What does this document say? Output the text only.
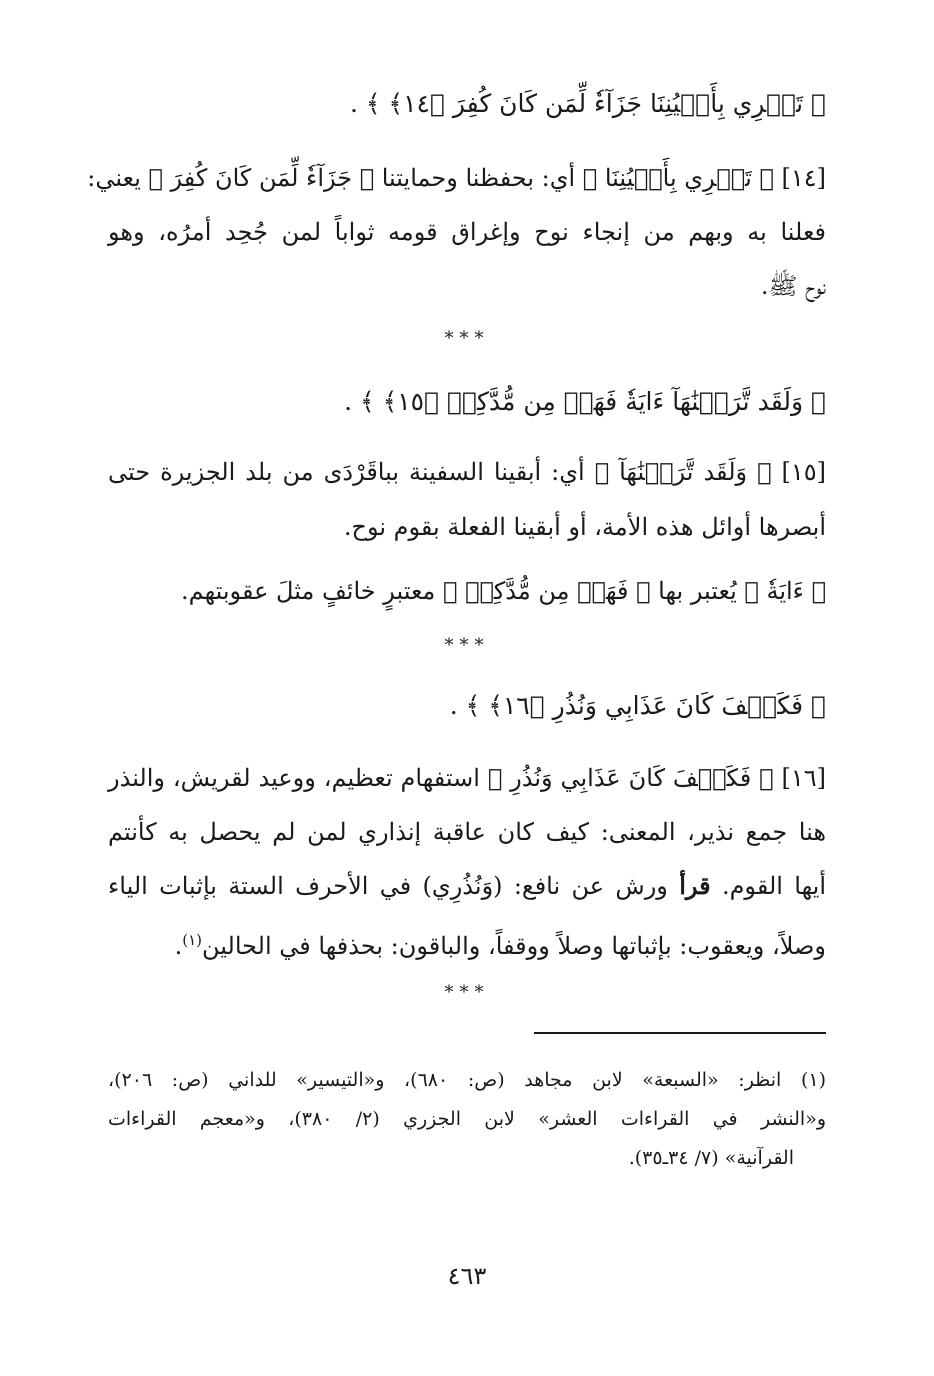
﴿ تَجۡرِي بِأَعۡيُنِنَا جَزَآءٗ لِّمَن كَانَ كُفِرَ ﴿١٤﴾ ﴾ .
[١٤] ﴿ تَجۡرِي بِأَعۡيُنِنَا ﴾ أي: بحفظنا وحمايتنا ﴿ جَزَآءٗ لِّمَن كَانَ كُفِرَ ﴾ يعني:
فعلنا به وبهم من إنجاء نوح وإغراق قومه ثواباً لمن جُحِد أمرُه، وهو
نوح ﷺ.
***
﴿ وَلَقَد تَّرَكۡنَٰهَآ ءَايَةٗ فَهَلۡ مِن مُّدَّكِرٖ ﴿١٥﴾ ﴾ .
[١٥] ﴿ وَلَقَد تَّرَكۡنَٰهَآ ﴾ أي: أبقينا السفينة بباقَرْدَى من بلد الجزيرة حتى
أبصرها أوائل هذه الأمة، أو أبقينا الفعلة بقوم نوح.
﴿ ءَايَةٗ ﴾ يُعتبر بها ﴿ فَهَلۡ مِن مُّدَّكِرٖ ﴾ معتبرٍ خائفٍ مثلَ عقوبتهم.
***
﴿ فَكَيۡفَ كَانَ عَذَابِي وَنُذُرِ ﴿١٦﴾ ﴾ .
[١٦] ﴿ فَكَيۡفَ كَانَ عَذَابِي وَنُذُرِ ﴾ استفهام تعظيم، ووعيد لقريش، والنذر
هنا جمع نذير، المعنى: كيف كان عاقبة إنذاري لمن لم يحصل به كأنتم
أيها القوم. قرأ ورش عن نافع: (وَنُذُرِي) في الأحرف الستة بإثبات الياء
وصلاً، ويعقوب: بإثباتها وصلاً ووقفاً، والباقون: بحذفها في الحالين$^{(١)}$.
***
(١) انظر: «السبعة» لابن مجاهد (ص: ٦٨٠)، و«التيسير» للداني (ص: ٢٠٦)،
و«النشر في القراءات العشر» لابن الجزري (٢/ ٣٨٠)، و«معجم القراءات
القرآنية» (٧/ ٣٤ـ٣٥).
٤٦٣
